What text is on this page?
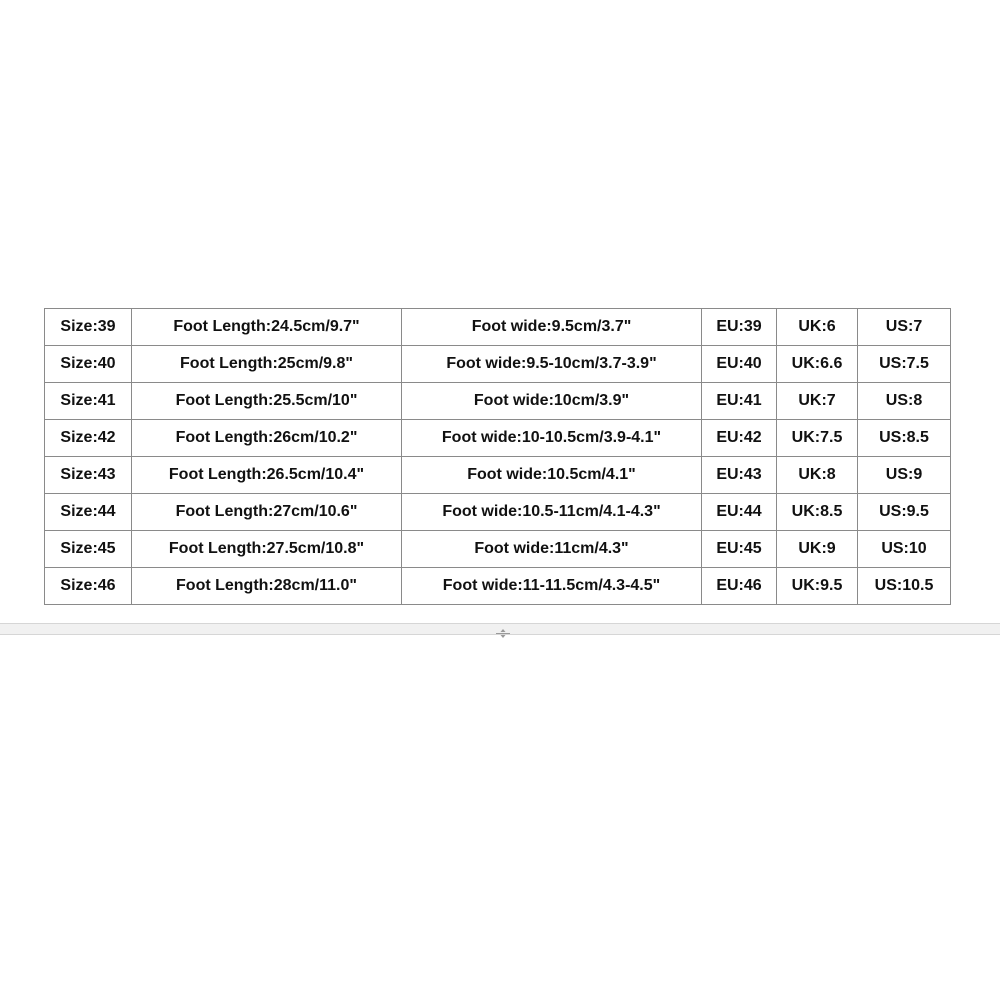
Size:39	Foot Length:24.5cm/9.7"	Foot wide:9.5cm/3.7"	EU:39	UK:6	US:7
Size:40	Foot Length:25cm/9.8"	Foot wide:9.5-10cm/3.7-3.9"	EU:40	UK:6.6	US:7.5
Size:41	Foot Length:25.5cm/10"	Foot wide:10cm/3.9"	EU:41	UK:7	US:8
Size:42	Foot Length:26cm/10.2"	Foot wide:10-10.5cm/3.9-4.1"	EU:42	UK:7.5	US:8.5
Size:43	Foot Length:26.5cm/10.4"	Foot wide:10.5cm/4.1"	EU:43	UK:8	US:9
Size:44	Foot Length:27cm/10.6"	Foot wide:10.5-11cm/4.1-4.3"	EU:44	UK:8.5	US:9.5
Size:45	Foot Length:27.5cm/10.8"	Foot wide:11cm/4.3"	EU:45	UK:9	US:10
Size:46	Foot Length:28cm/11.0"	Foot wide:11-11.5cm/4.3-4.5"	EU:46	UK:9.5	US:10.5
